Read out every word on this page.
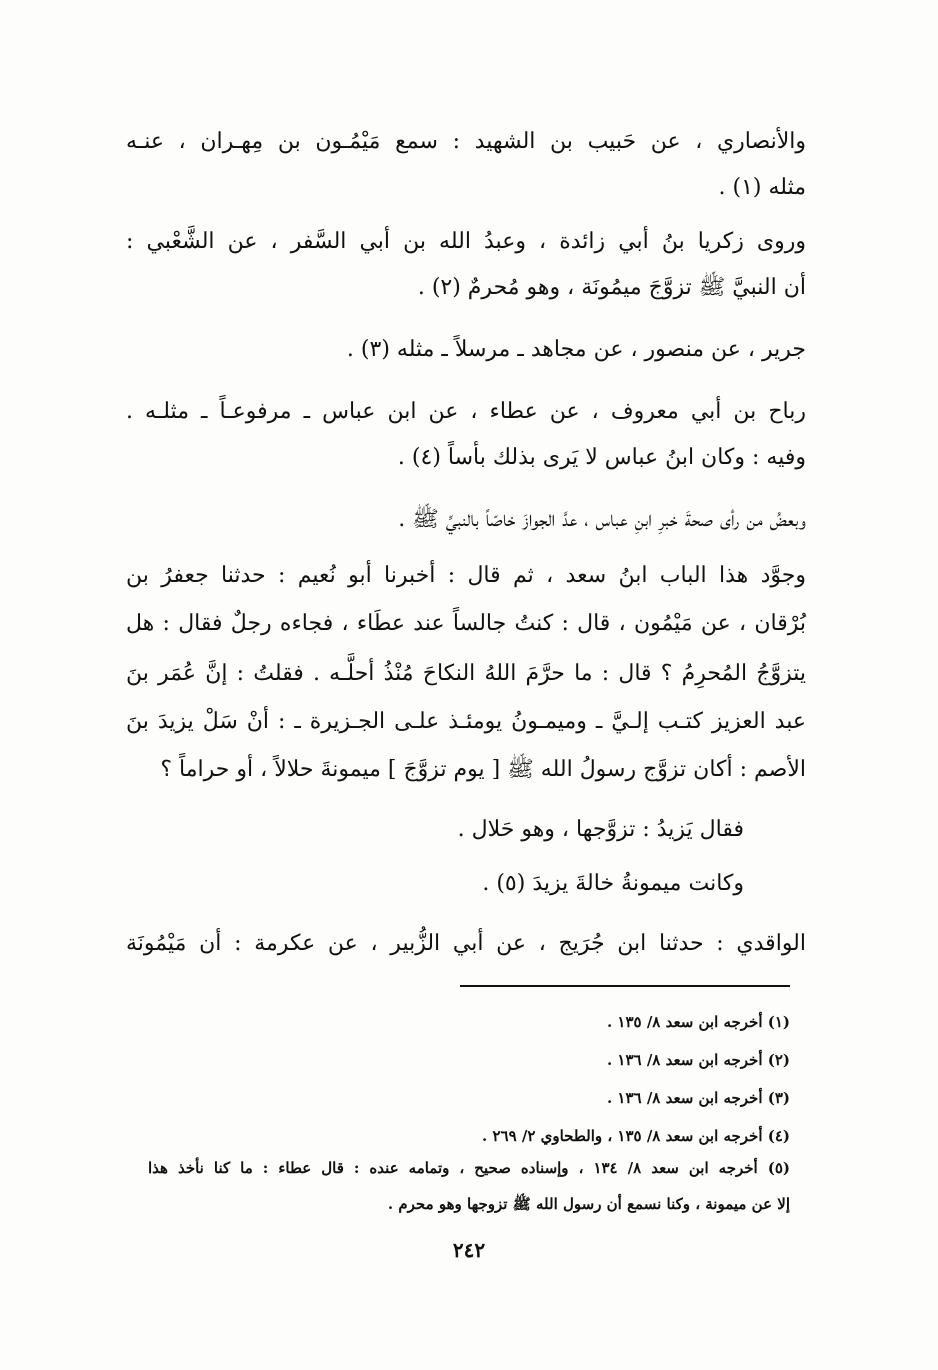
والأنصاري ، عن حَبيب بن الشهيد : سمع مَيْمُـون بن مِهـران ، عنـه
مثله (١) .
وروى زكريا بنُ أبي زائدة ، وعبدُ الله بن أبي السَّفر ، عن الشَّعْبي :
أن النبيَّ ﷺ تزوَّجَ ميمُونَة ، وهو مُحرمٌ (٢) .
جرير ، عن منصور ، عن مجاهد ـ مرسلاً ـ مثله (٣) .
رباح بن أبي معروف ، عن عطاء ، عن ابن عباس ـ مرفوعـاً ـ مثلـه .
وفيه : وكان ابنُ عباس لا يَرى بذلك بأساً (٤) .
وبعضُ من رأى صحةَ خبرِ ابنِ عباس ، عدَّ الجوازَ خاصّاً بالنبيِّ ﷺ .
وجوَّد هذا الباب ابنُ سعد ، ثم قال : أخبرنا أبو نُعيم : حدثنا جعفرُ بن
بُرْقان ، عن مَيْمُون ، قال : كنتُ جالساً عند عطَاء ، فجاءه رجلٌ فقال : هل
يتزوَّجُ المُحرِمُ ؟ قال : ما حرَّمَ اللهُ النكاحَ مُنْذُ أحلَّـه . فقلتُ : إنَّ عُمَر بنَ
عبد العزيز كتـب إلـيَّ ـ وميمـونُ يومئـذ علـى الجـزيرة ـ : أنْ سَلْ يزيدَ بنَ
الأصم : أكان تزوَّج رسولُ الله ﷺ [ يوم تزوَّجَ ] ميمونةَ حلالاً ، أو حراماً ؟
فقال يَزيدُ : تزوَّجها ، وهو حَلال .
وكانت ميمونةُ خالةَ يزيدَ (٥) .
الواقدي : حدثنا ابن جُرَيج ، عن أبي الزُّبير ، عن عكرمة : أن مَيْمُونَة
(١) أخرجه ابن سعد ٨/ ١٣٥ .
(٢) أخرجه ابن سعد ٨/ ١٣٦ .
(٣) أخرجه ابن سعد ٨/ ١٣٦ .
(٤) أخرجه ابن سعد ٨/ ١٣٥ ، والطحاوي ٢/ ٢٦٩ .
(٥) أخرجه ابن سعد ٨/ ١٣٤ ، وإسناده صحيح ، وتمامه عنده : قال عطاء : ما كنا نأخذ هذا
إلا عن ميمونة ، وكنا نسمع أن رسول الله ﷺ تزوجها وهو محرم .
٢٤٢
